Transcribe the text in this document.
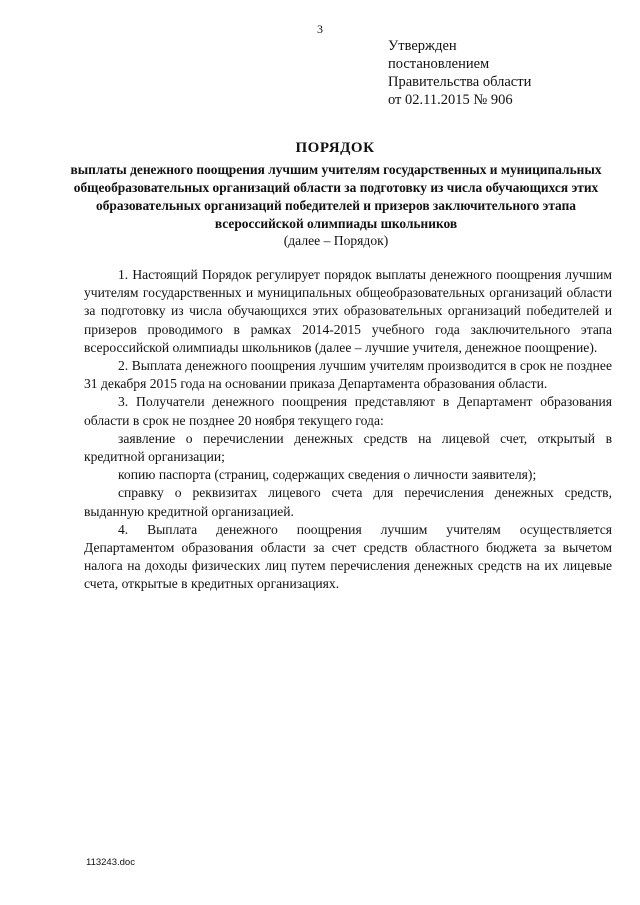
3
Утвержден
постановлением
Правительства области
от 02.11.2015 № 906
ПОРЯДОК
выплаты денежного поощрения лучшим учителям государственных и муниципальных общеобразовательных организаций области за подготовку из числа обучающихся этих образовательных организаций победителей и призеров заключительного этапа всероссийской олимпиады школьников
(далее – Порядок)

1. Настоящий Порядок регулирует порядок выплаты денежного поощрения лучшим учителям государственных и муниципальных общеобразовательных организаций области за подготовку из числа обучающихся этих образовательных организаций победителей и призеров проводимого в рамках 2014-2015 учебного года заключительного этапа всероссийской олимпиады школьников (далее – лучшие учителя, денежное поощрение).

2. Выплата денежного поощрения лучшим учителям производится в срок не позднее 31 декабря 2015 года на основании приказа Департамента образования области.

3. Получатели денежного поощрения представляют в Департамент образования области в срок не позднее 20 ноября текущего года:

заявление о перечислении денежных средств на лицевой счет, открытый в кредитной организации;

копию паспорта (страниц, содержащих сведения о личности заявителя);

справку о реквизитах лицевого счета для перечисления денежных средств, выданную кредитной организацией.

4. Выплата денежного поощрения лучшим учителям осуществляется Департаментом образования области за счет средств областного бюджета за вычетом налога на доходы физических лиц путем перечисления денежных средств на их лицевые счета, открытые в кредитных организациях.

113243.doc
